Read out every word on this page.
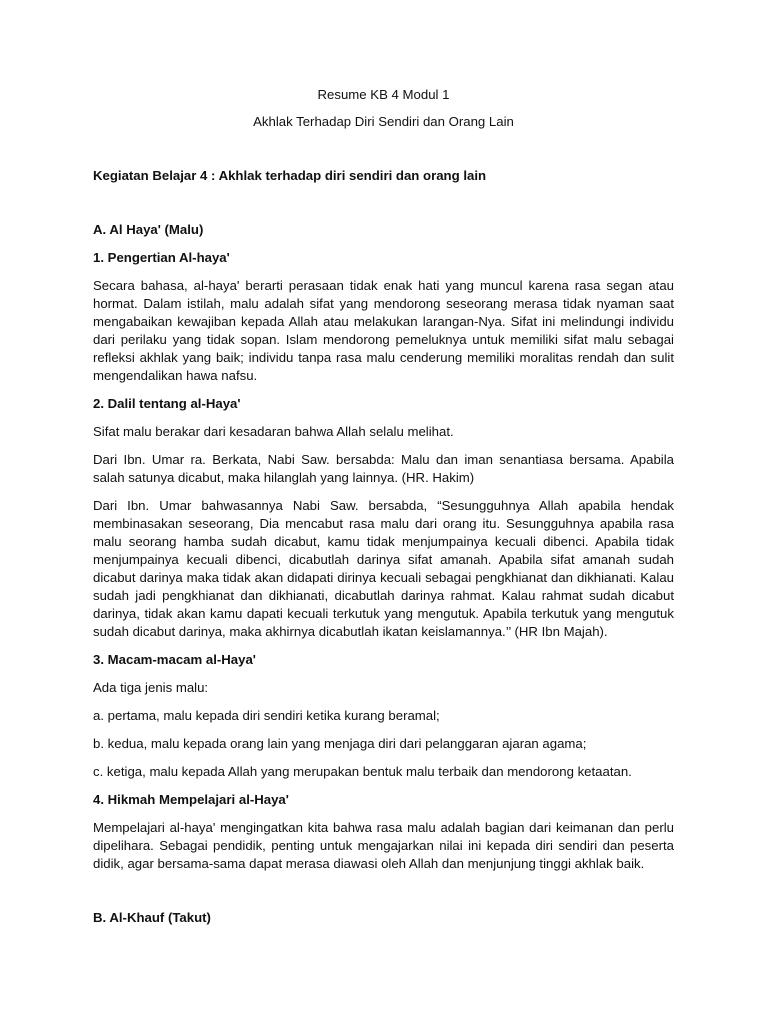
Resume KB 4 Modul 1

Akhlak Terhadap Diri Sendiri dan Orang Lain

Kegiatan Belajar 4 : Akhlak terhadap diri sendiri dan orang lain

A. Al Haya' (Malu)

1. Pengertian Al-haya'

Secara bahasa, al-haya' berarti perasaan tidak enak hati yang muncul karena rasa segan atau hormat. Dalam istilah, malu adalah sifat yang mendorong seseorang merasa tidak nyaman saat mengabaikan kewajiban kepada Allah atau melakukan larangan-Nya. Sifat ini melindungi individu dari perilaku yang tidak sopan. Islam mendorong pemeluknya untuk memiliki sifat malu sebagai refleksi akhlak yang baik; individu tanpa rasa malu cenderung memiliki moralitas rendah dan sulit mengendalikan hawa nafsu.

2. Dalil tentang al-Haya'

Sifat malu berakar dari kesadaran bahwa Allah selalu melihat.

Dari Ibn. Umar ra. Berkata, Nabi Saw. bersabda: Malu dan iman senantiasa bersama. Apabila salah satunya dicabut, maka hilanglah yang lainnya. (HR. Hakim)

Dari Ibn. Umar bahwasannya Nabi Saw. bersabda, “Sesungguhnya Allah apabila hendak membinasakan seseorang, Dia mencabut rasa malu dari orang itu. Sesungguhnya apabila rasa malu seorang hamba sudah dicabut, kamu tidak menjumpainya kecuali dibenci. Apabila tidak menjumpainya kecuali dibenci, dicabutlah darinya sifat amanah. Apabila sifat amanah sudah dicabut darinya maka tidak akan didapati dirinya kecuali sebagai pengkhianat dan dikhianati. Kalau sudah jadi pengkhianat dan dikhianati, dicabutlah darinya rahmat. Kalau rahmat sudah dicabut darinya, tidak akan kamu dapati kecuali terkutuk yang mengutuk. Apabila terkutuk yang mengutuk sudah dicabut darinya, maka akhirnya dicabutlah ikatan keislamannya.’’ (HR Ibn Majah).

3. Macam-macam al-Haya'

Ada tiga jenis malu:

a. pertama, malu kepada diri sendiri ketika kurang beramal;

b. kedua, malu kepada orang lain yang menjaga diri dari pelanggaran ajaran agama;

c. ketiga, malu kepada Allah yang merupakan bentuk malu terbaik dan mendorong ketaatan.

4. Hikmah Mempelajari al-Haya'

Mempelajari al-haya' mengingatkan kita bahwa rasa malu adalah bagian dari keimanan dan perlu dipelihara. Sebagai pendidik, penting untuk mengajarkan nilai ini kepada diri sendiri dan peserta didik, agar bersama-sama dapat merasa diawasi oleh Allah dan menjunjung tinggi akhlak baik.

B. Al-Khauf (Takut)
